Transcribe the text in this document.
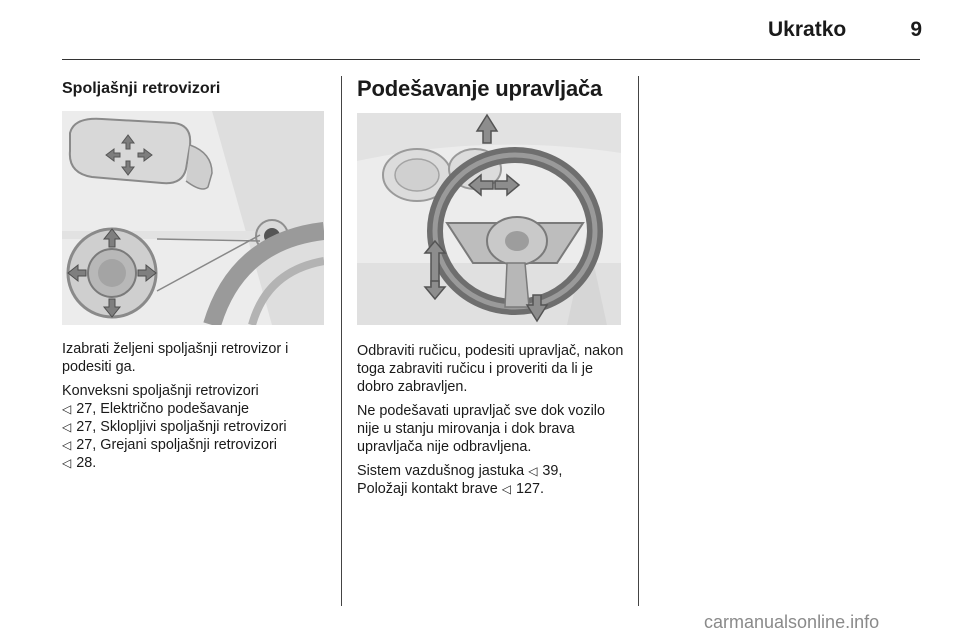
Ukratko	9
Spoljašnji retrovizori

Izabrati željeni spoljašnji retrovizor i podesiti ga.

Konveksni spoljašnji retrovizori
◁ 27, Električno podešavanje
◁ 27, Sklopljivi spoljašnji retrovizori
◁ 27, Grejani spoljašnji retrovizori
◁ 28.

Podešavanje upravljača

Odbraviti ručicu, podesiti upravljač, nakon toga zabraviti ručicu i proveriti da li je dobro zabravljen.

Ne podešavati upravljač sve dok vozilo nije u stanju mirovanja i dok brava upravljača nije odbravljena.

Sistem vazdušnog jastuka ◁ 39,
Položaji kontakt brave ◁ 127.

carmanualsonline.info
